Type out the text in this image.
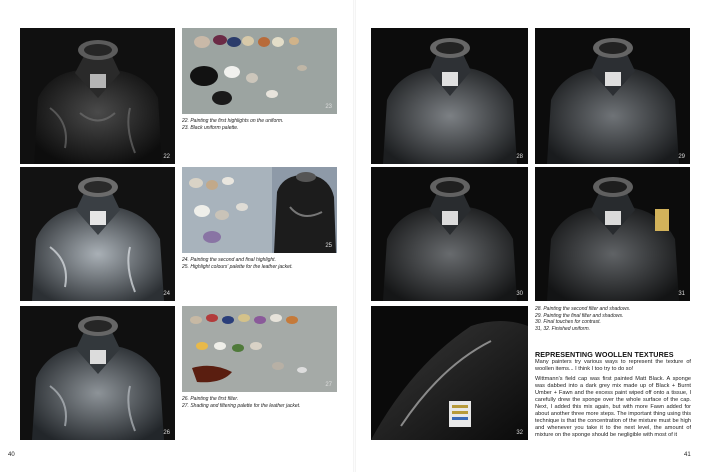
22
23
22. Painting the first highlights on the uniform.
23. Black uniform palette.
24
25
24. Painting the second and final highlight.
25. Highlight colours' palette for the leather jacket.
26
27
26. Painting the first filter.
27. Shading and filtering palette for the leather jacket.
40
28	29
30	31
32
28. Painting the second filter and shadows.
29. Painting the final filter and shadows.
30. Final touches for contrast.
31, 32. Finished uniform.
REPRESENTING WOOLLEN TEXTURES

Many painters try various ways to represent the texture of woollen items... I think I too try to do so!

Wittmann's field cap was first painted Matt Black. A sponge was dabbed into a dark grey mix made up of Black + Burnt Umber + Fawn and the excess paint wiped off onto a tissue, I carefully drew the sponge over the whole surface of the cap. Next, I added this mix again, but with more Fawn added for about another three more steps. The important thing using this technique is that the concentration of the mixture must be high and whenever you take it to the next level, the amount of mixture on the sponge should be negligible with most of it

41
